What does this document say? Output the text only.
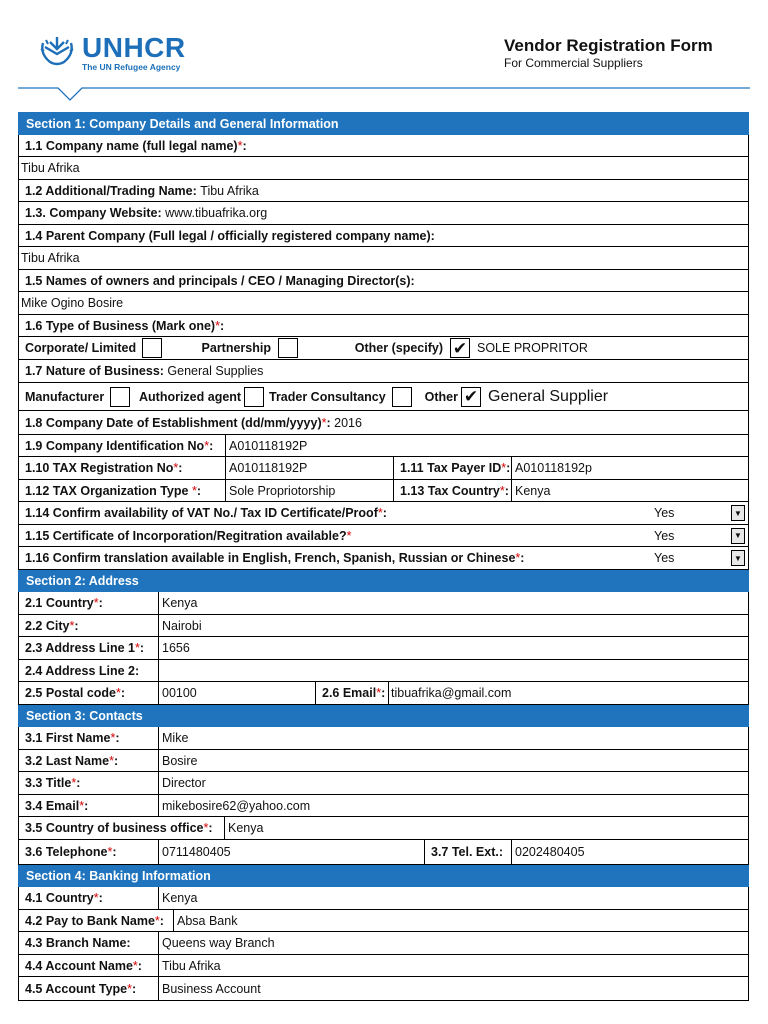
UNHCR
The UN Refugee Agency
Vendor Registration Form
For Commercial Suppliers
Section 1: Company Details and General Information
1.1 Company name (full legal name) * :
Tibu Afrika
1.2 Additional/Trading Name:
Tibu Afrika
1.3. Company Website:
www.tibuafrika.org
1.4 Parent Company (Full legal / officially registered company name):
Tibu Afrika
1.5 Names of owners and principals / CEO / Managing Director(s):
Mike Ogino Bosire
1.6 Type of Business (Mark one) * :
Corporate/ Limited	Partnership	Other (specify) ✔ SOLE PROPRITOR
1.7 Nature of Business:
General Supplies
Manufacturer	Authorized agent Trader Consultancy	Other ✔ General Supplier
1.8 Company Date of Establishment (dd/mm/yyyy) * :
2016
1.9 Company Identification No * : A010118192P
1.10 TAX Registration No * :	A010118192P	1.11 Tax Payer ID * : A010118192p
1.12 TAX Organization Type
* : Sole Propriotorship	1.13 Tax Country * : Kenya
1.14 Confirm availability of VAT No./ Tax ID Certificate/Proof * :	Yes	▼
1.15 Certificate of Incorporation/Regitration available? *	Yes	▼
1.16 Confirm translation available in English, French, Spanish, Russian or Chinese * :	Yes	▼
Section 2: Address
2.1 Country * :	Kenya
2.2 City * :	Nairobi
2.3 Address Line 1 * : 1656
2.4 Address Line 2:
2.5 Postal code * :	00100	2.6 Email * : tibuafrika@gmail.com
Section 3: Contacts
3.1 First Name * :	Mike
3.2 Last Name * :	Bosire
3.3 Title * :	Director
3.4 Email * :	mikebosire62@yahoo.com
3.5 Country of business office * : Kenya
3.6 Telephone * :	0711480405	3.7 Tel. Ext.: 0202480405
Section 4: Banking Information
4.1 Country * :	Kenya
4.2 Pay to Bank Name * : Absa Bank
4.3 Branch Name:	Queens way Branch
4.4 Account Name * : Tibu Afrika
4.5 Account Type * : Business Account
